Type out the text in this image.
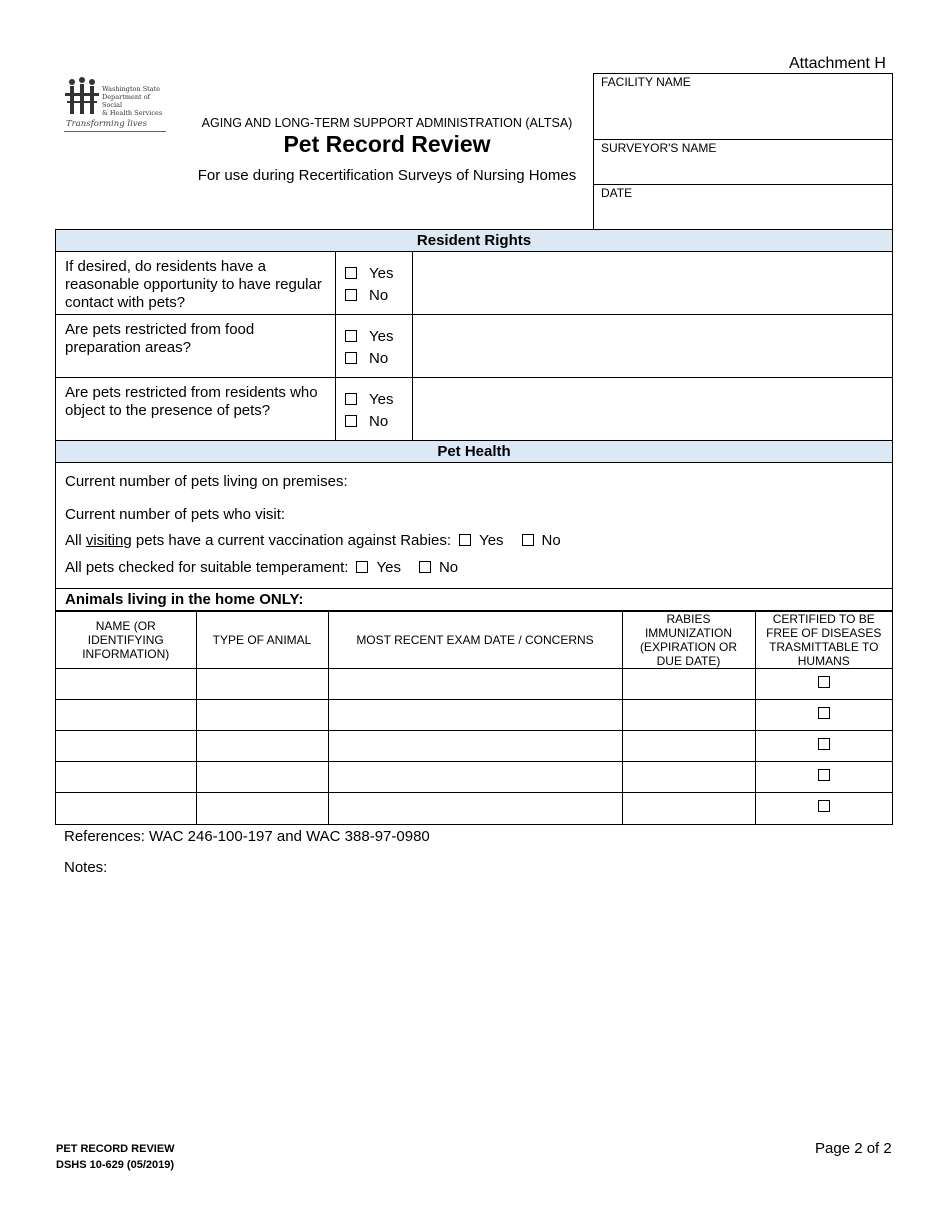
Attachment H
Washington State
Department of Social
& Health Services
Transforming lives	AGING AND LONG-TERM SUPPORT ADMINISTRATION (ALTSA)
Pet Record Review
For use during Recertification Surveys of Nursing Homes
FACILITY NAME
SURVEYOR'S NAME
DATE
Resident Rights
If desired, do residents have a reasonable opportunity to have regular contact with pets?
Yes
No
Are pets restricted from food preparation areas?
Yes
No
Are pets restricted from residents who object to the presence of pets?
Yes
No
Pet Health
Current number of pets living on premises:
Current number of pets who visit:
All visiting pets have a current vaccination against Rabies: Yes	No
All pets checked for suitable temperament: Yes	No
Animals living in the home ONLY:
NAME (OR IDENTIFYING INFORMATION)	TYPE OF ANIMAL	MOST RECENT EXAM DATE / CONCERNS	RABIES IMMUNIZATION (EXPIRATION OR DUE DATE)	CERTIFIED TO BE FREE OF DISEASES TRASMITTABLE TO HUMANS

References: WAC 246-100-197 and WAC 388-97-0980
Notes:
PET RECORD REVIEW
DSHS 10-629 (05/2019)
Page 2 of 2
